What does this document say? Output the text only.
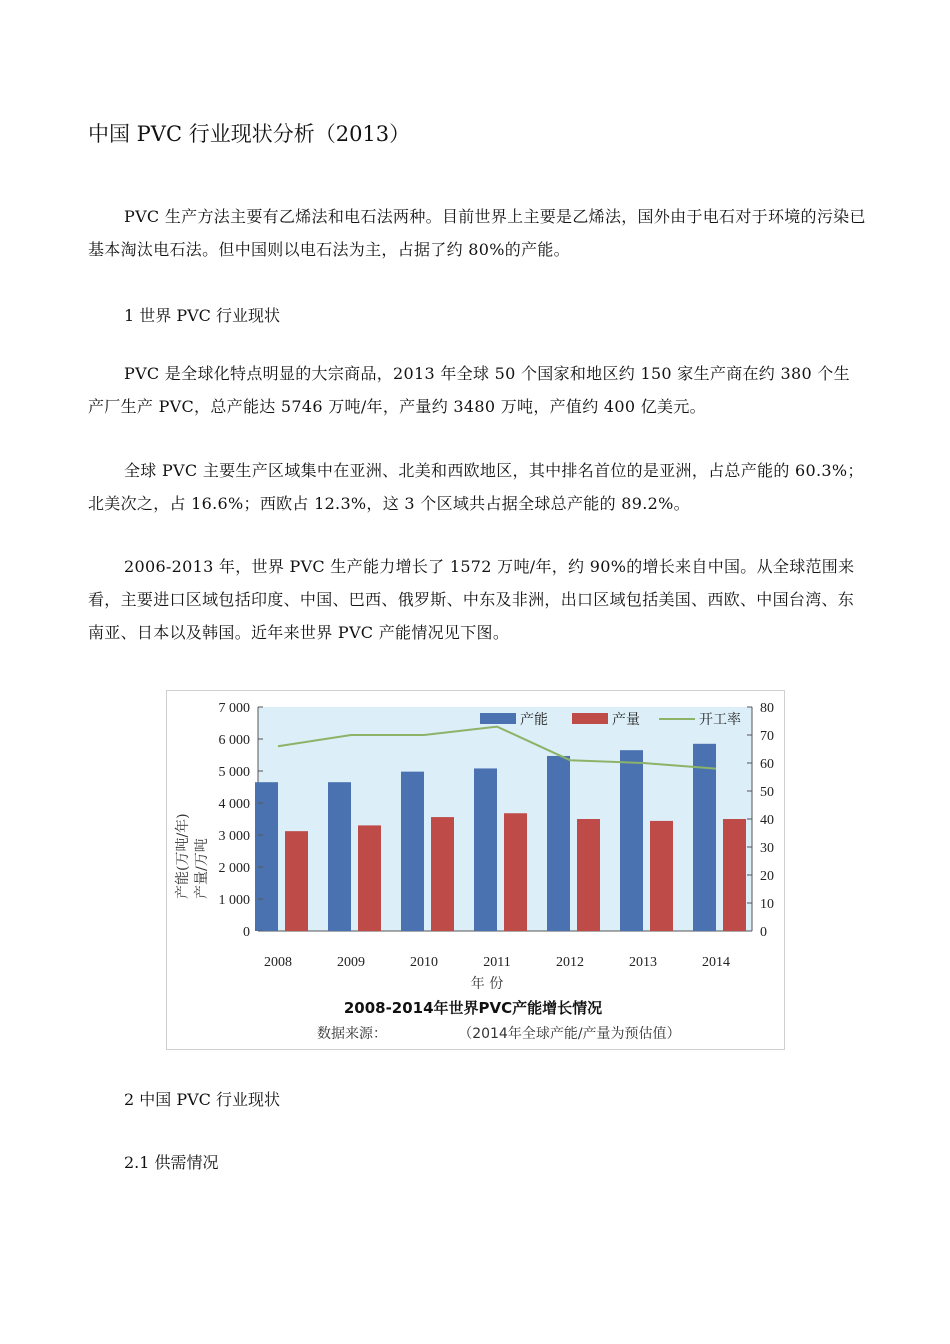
中国 PVC 行业现状分析（2013）

PVC 生产方法主要有乙烯法和电石法两种。目前世界上主要是乙烯法，国外由于电石对于环境的污染已基本淘汰电石法。但中国则以电石法为主，占据了约 80%的产能。

1 世界 PVC 行业现状

PVC 是全球化特点明显的大宗商品，2013 年全球 50 个国家和地区约 150 家生产商在约 380 个生产厂生产 PVC，总产能达 5746 万吨/年，产量约 3480 万吨，产值约 400 亿美元。

全球 PVC 主要生产区域集中在亚洲、北美和西欧地区，其中排名首位的是亚洲，占总产能的 60.3%；北美次之，占 16.6%；西欧占 12.3%，这 3 个区域共占据全球总产能的 89.2%。

2006-2013 年，世界 PVC 生产能力增长了 1572 万吨/年，约 90%的增长来自中国。从全球范围来看，主要进口区域包括印度、中国、巴西、俄罗斯、中东及非洲，出口区域包括美国、西欧、中国台湾、东南亚、日本以及韩国。近年来世界 PVC 产能情况见下图。

0
1 000
2 000
3 000
4 000
5 000
6 000
7 000
0
10
20
30
40
50
60
70
80
2008	2009	2010	2011	2012	2013	2014
产能	产量	开工率
产能(万吨/年) 产量/万吨
年 份
2008-2014年世界PVC产能增长情况
数据来源：                （2014年全球产能/产量为预估值）

2 中国 PVC 行业现状

2.1 供需情况
